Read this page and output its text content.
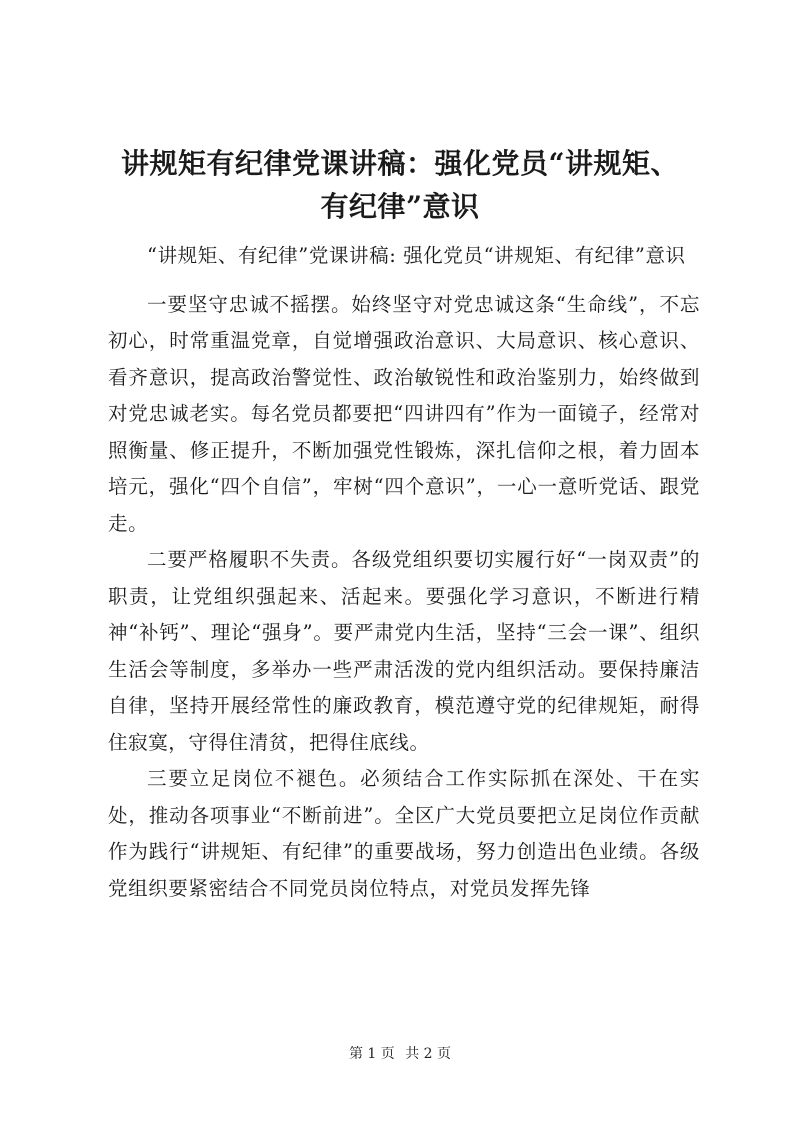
讲规矩有纪律党课讲稿：强化党员“讲规矩、
有纪律”意识

“讲规矩、有纪律”党课讲稿: 强化党员“讲规矩、有纪律”意识

一要坚守忠诚不摇摆。始终坚守对党忠诚这条“生命线”，不忘初心，时常重温党章，自觉增强政治意识、大局意识、核心意识、看齐意识，提高政治警觉性、政治敏锐性和政治鉴别力，始终做到对党忠诚老实。每名党员都要把“四讲四有”作为一面镜子，经常对照衡量、修正提升，不断加强党性锻炼，深扎信仰之根，着力固本培元，强化“四个自信”，牢树“四个意识”，一心一意听党话、跟党走。

二要严格履职不失责。各级党组织要切实履行好“一岗双责”的职责，让党组织强起来、活起来。要强化学习意识，不断进行精神“补钙”、理论“强身”。要严肃党内生活，坚持“三会一课”、组织生活会等制度，多举办一些严肃活泼的党内组织活动。要保持廉洁自律，坚持开展经常性的廉政教育，模范遵守党的纪律规矩，耐得住寂寞，守得住清贫，把得住底线。

三要立足岗位不褪色。必须结合工作实际抓在深处、干在实处，推动各项事业“不断前进”。全区广大党员要把立足岗位作贡献作为践行“讲规矩、有纪律”的重要战场，努力创造出色业绩。各级党组织要紧密结合不同党员岗位特点，对党员发挥先锋

第 1 页 共 2 页
